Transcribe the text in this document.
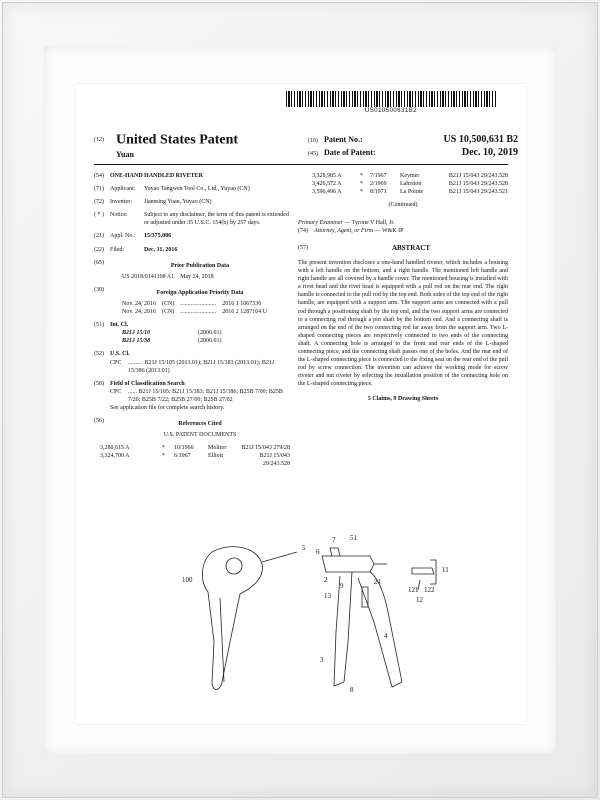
US010500631B2
(12) United States Patent
Yuan
(10) Patent No.:	US 10,500,631 B2
(45) Date of Patent:	Dec. 10, 2019
(54)	ONE-HAND HANDLED RIVETER
(71)	Applicant:	Yuyao Tangwen Tool Co., Ltd., Yuyao (CN)
(72)	Inventor:	Jianming Yuan, Yuyao (CN)
( * )	Notice:	Subject to any disclaimer, the term of this patent is extended or adjusted under 35 U.S.C. 154(b) by 257 days.
(21)	Appl. No.:	15/375,086
(22)	Filed:	Dec. 11, 2016
(65)	Prior Publication Data
US 2018/0141108 A1 May 24, 2018
(30)	Foreign Application Priority Data
Nov. 24, 2016 (CN) ........................ 2016 1 1067336
Nov. 24, 2016 (CN) ........................ 2016 2 1287104 U
(51)	Int. Cl.
B21J 15/10	(2006.01)
B21J 15/38	(2006.01)
(52)	U.S. Cl.
CPC	.......... B21J 15/105 (2013.01); B21J 15/383 (2013.01); B21J 15/386 (2013.01)
(58)	Field of Classification Search
CPC	...... B21J 15/105; B21J 15/383; B21J 15/386; B25B 7/00; B25B 7/20; B25B 7/22; B25B 27/00; B25B 27/02
See application file for complete search history.
(56)	References Cited
U.S. PATENT DOCUMENTS
3,280,615 A	*	10/1966	Molitor	B21J 15/043 279/28
3,324,700 A	*	6/1967	Elliott	B21J 15/043 29/243.528
3,328,985 A	*	7/1967	Keymer	B21J 15/043 29/243.528
3,426,572 A	*	2/1969	Lahrston	B21J 15/043 29/243.528
3,596,496 A	*	8/1971	La Pointe	B21J 15/043 29/243.521
(Continued)
Primary Examiner — Tyrone V Hall, Jr.
(74)	Attorney, Agent, or Firm
— W&K IP
(57)	ABSTRACT
The present invention discloses a one-hand handled riveter, which includes a housing with a left handle on the bottom, and a right handle. The mentioned left handle and right handle are all covered by a handle cover. The mentioned housing is installed with a rivet head and the rivet head is equipped with a pull rod on the rear end. The right handle is connected to the pull rod by the top end. Both sides of the top end of the right handle, are equipped with a support arm. The support arms are connected with a pull rod through a positioning shaft by the top end, and the two support arms are connected to a connecting rod through a pin shaft by the bottom end. And a connecting shaft is arranged on the end of the two connecting rod far away from the support arm. Two L-shaped connecting pieces are respectively connected to two ends of the connecting shaft. A connecting hole is arranged to the front and rear ends of the L-shaped connecting piece, and the connecting shaft passes one of the holes. And the rear end of the L-shaped connecting piece is connected to the fixing seat on the rear end of the pull rod by screw connection. The invention can achieve the working mode for screw riveter and nut riveter by selecting the installation position of the connecting hole on the L-shaped connecting piece.
5 Claims, 9 Drawing Sheets
100
5 6
7 51
2	21
9
13
3
4
8
11
121 122
12
